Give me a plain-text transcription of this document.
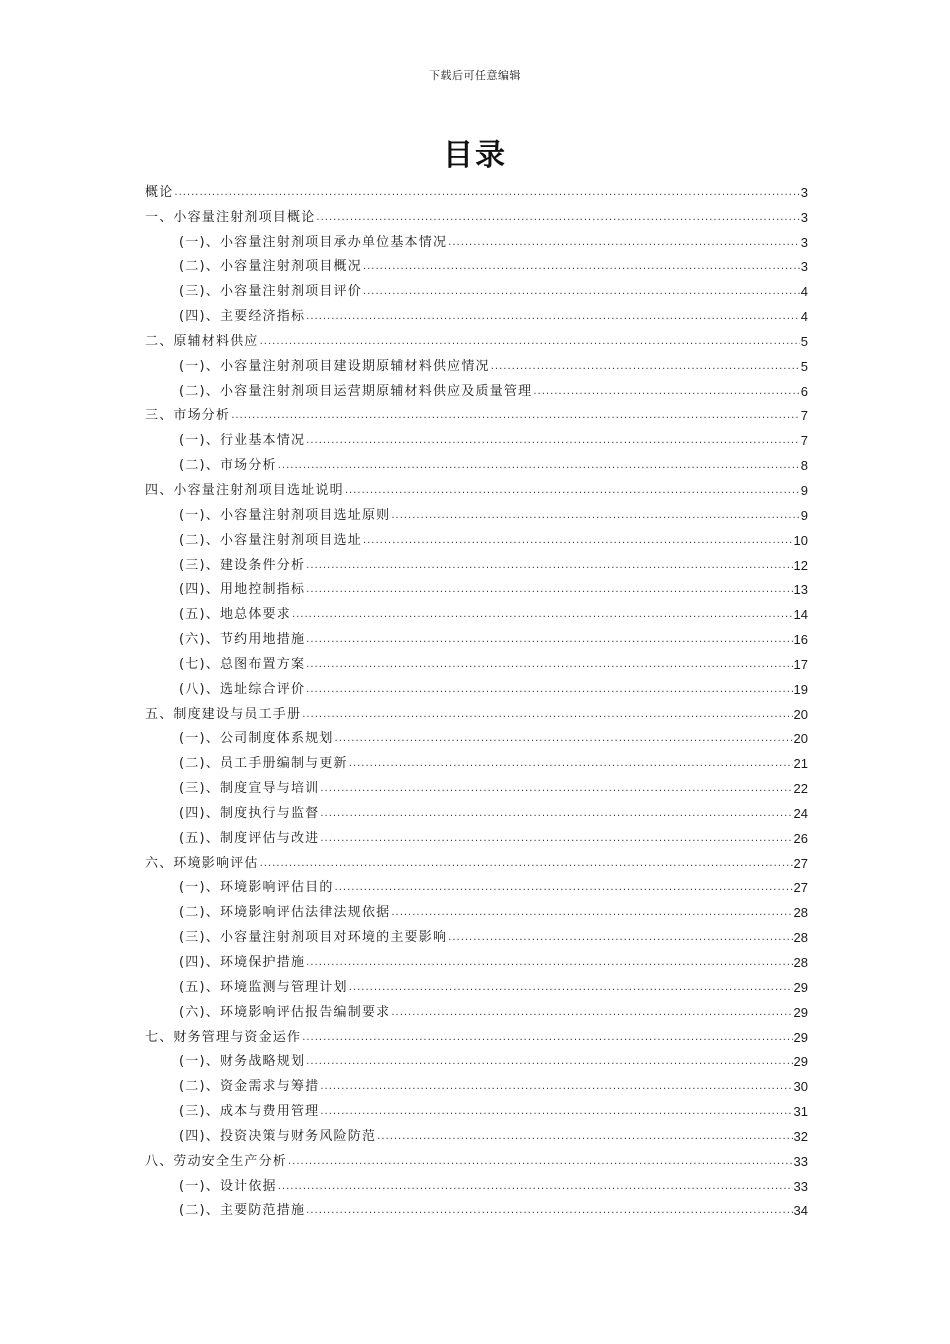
下载后可任意编辑
目录
概论 .....	3
一、小容量注射剂项目概论 .....	3
(一)、小容量注射剂项目承办单位基本情况 .....	3
(二)、小容量注射剂项目概况 .....	3
(三)、小容量注射剂项目评价 .....	4
(四)、主要经济指标 .....	4
二、原辅材料供应 .....	5
(一)、小容量注射剂项目建设期原辅材料供应情况 .....	5
(二)、小容量注射剂项目运营期原辅材料供应及质量管理 .....	6
三、市场分析 .....	7
(一)、行业基本情况 .....	7
(二)、市场分析 .....	8
四、小容量注射剂项目选址说明 .....	9
(一)、小容量注射剂项目选址原则 .....	9
(二)、小容量注射剂项目选址 .....	10
(三)、建设条件分析 .....	12
(四)、用地控制指标 .....	13
(五)、地总体要求 .....	14
(六)、节约用地措施 .....	16
(七)、总图布置方案 .....	17
(八)、选址综合评价 .....	19
五、制度建设与员工手册 .....	20
(一)、公司制度体系规划 .....	20
(二)、员工手册编制与更新 .....	21
(三)、制度宣导与培训 .....	22
(四)、制度执行与监督 .....	24
(五)、制度评估与改进 .....	26
六、环境影响评估 .....	27
(一)、环境影响评估目的 .....	27
(二)、环境影响评估法律法规依据 .....	28
(三)、小容量注射剂项目对环境的主要影响 .....	28
(四)、环境保护措施 .....	28
(五)、环境监测与管理计划 .....	29
(六)、环境影响评估报告编制要求 .....	29
七、财务管理与资金运作 .....	29
(一)、财务战略规划 .....	29
(二)、资金需求与筹措 .....	30
(三)、成本与费用管理 .....	31
(四)、投资决策与财务风险防范 .....	32
八、劳动安全生产分析 .....	33
(一)、设计依据 .....	33
(二)、主要防范措施 .....	34
